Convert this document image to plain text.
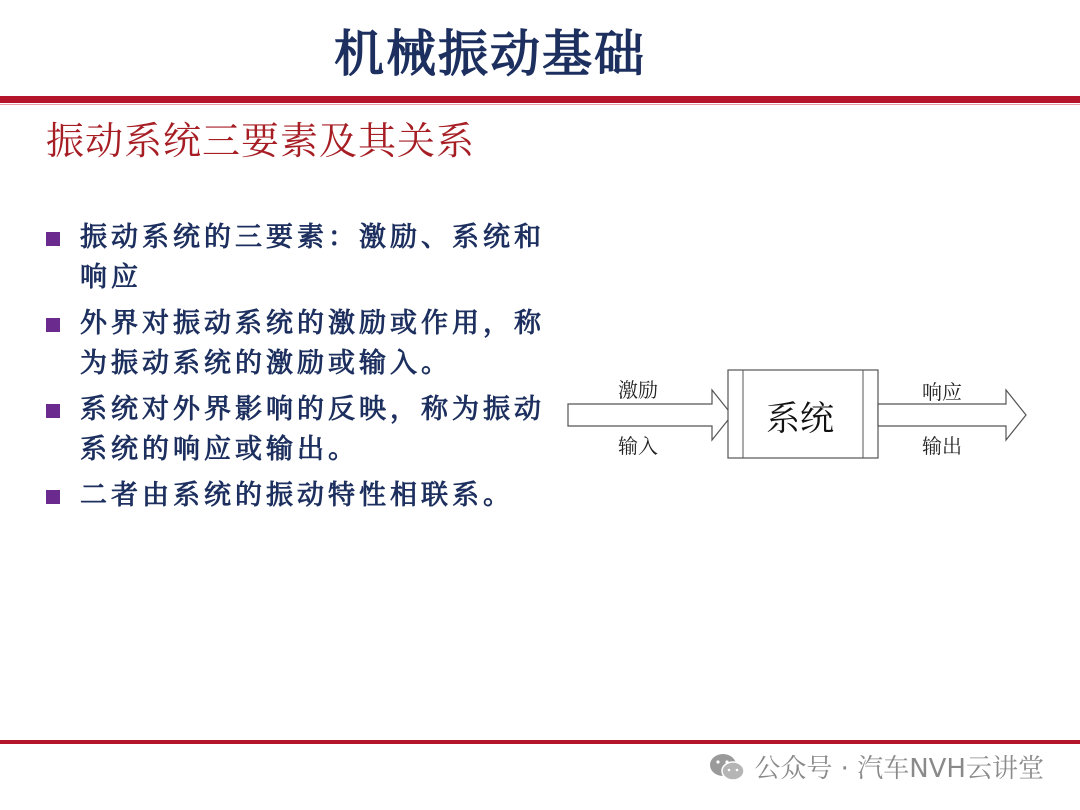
机械振动基础
振动系统三要素及其关系
振动系统的三要素：激励、系统和响应
外界对振动系统的激励或作用，称为振动系统的激励或输入。
系统对外界影响的反映，称为振动系统的响应或输出。
二者由系统的振动特性相联系。
激励
输入
系统
响应
输出
公众号 · 汽车NVH云讲堂
